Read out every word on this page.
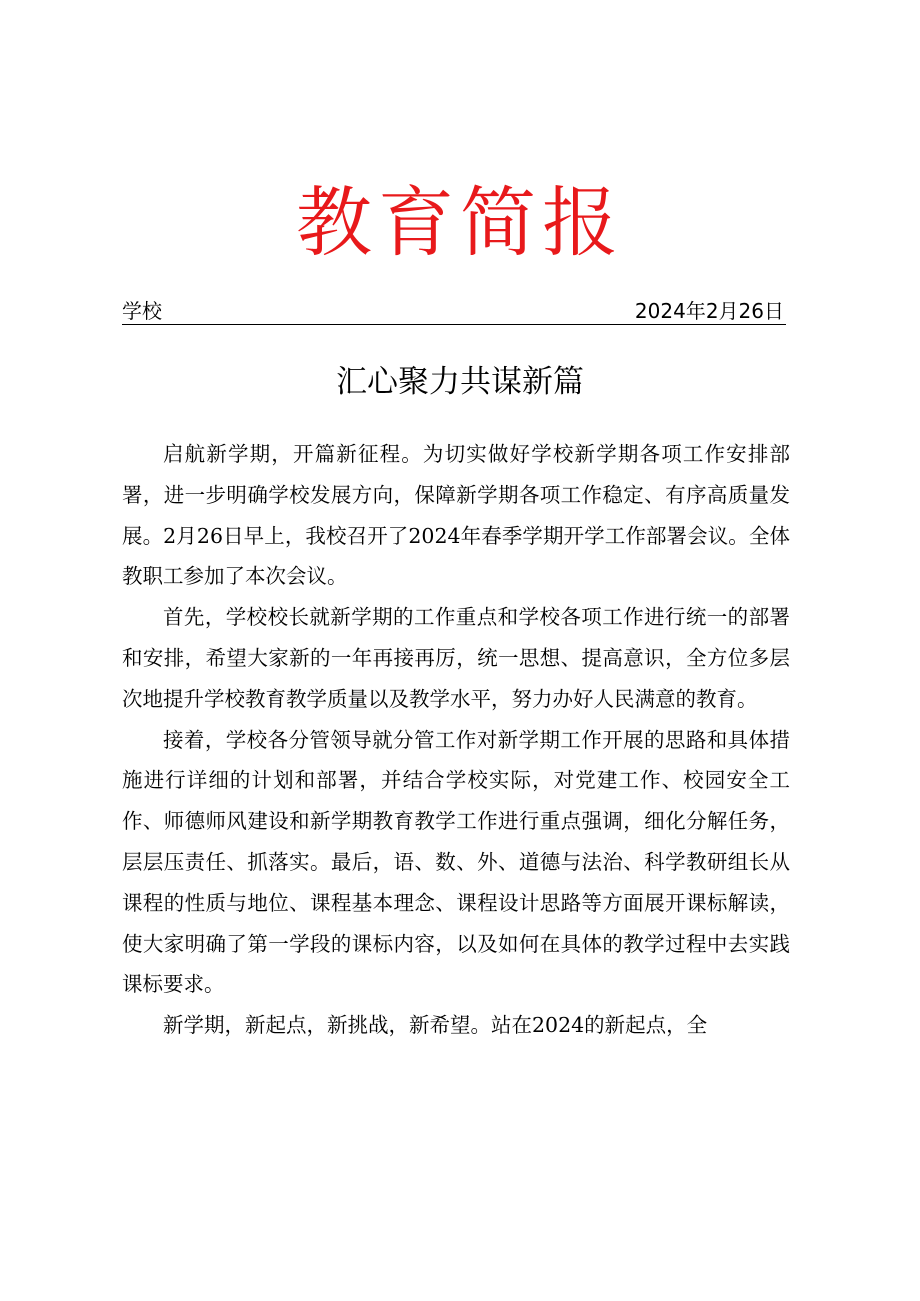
教育简报
学校	2024年2月26日
汇心聚力共谋新篇

启航新学期，开篇新征程。为切实做好学校新学期各项工作安排部署，进一步明确学校发展方向，保障新学期各项工作稳定、有序高质量发展。2月26日早上，我校召开了2024年春季学期开学工作部署会议。全体教职工参加了本次会议。

首先，学校校长就新学期的工作重点和学校各项工作进行统一的部署和安排，希望大家新的一年再接再厉，统一思想、提高意识，全方位多层次地提升学校教育教学质量以及教学水平，努力办好人民满意的教育。

接着，学校各分管领导就分管工作对新学期工作开展的思路和具体措施进行详细的计划和部署，并结合学校实际，对党建工作、校园安全工作、师德师风建设和新学期教育教学工作进行重点强调，细化分解任务，层层压责任、抓落实。最后，语、数、外、道德与法治、科学教研组长从课程的性质与地位、课程基本理念、课程设计思路等方面展开课标解读，使大家明确了第一学段的课标内容，以及如何在具体的教学过程中去实践课标要求。

新学期，新起点，新挑战，新希望。站在2024的新起点，全
